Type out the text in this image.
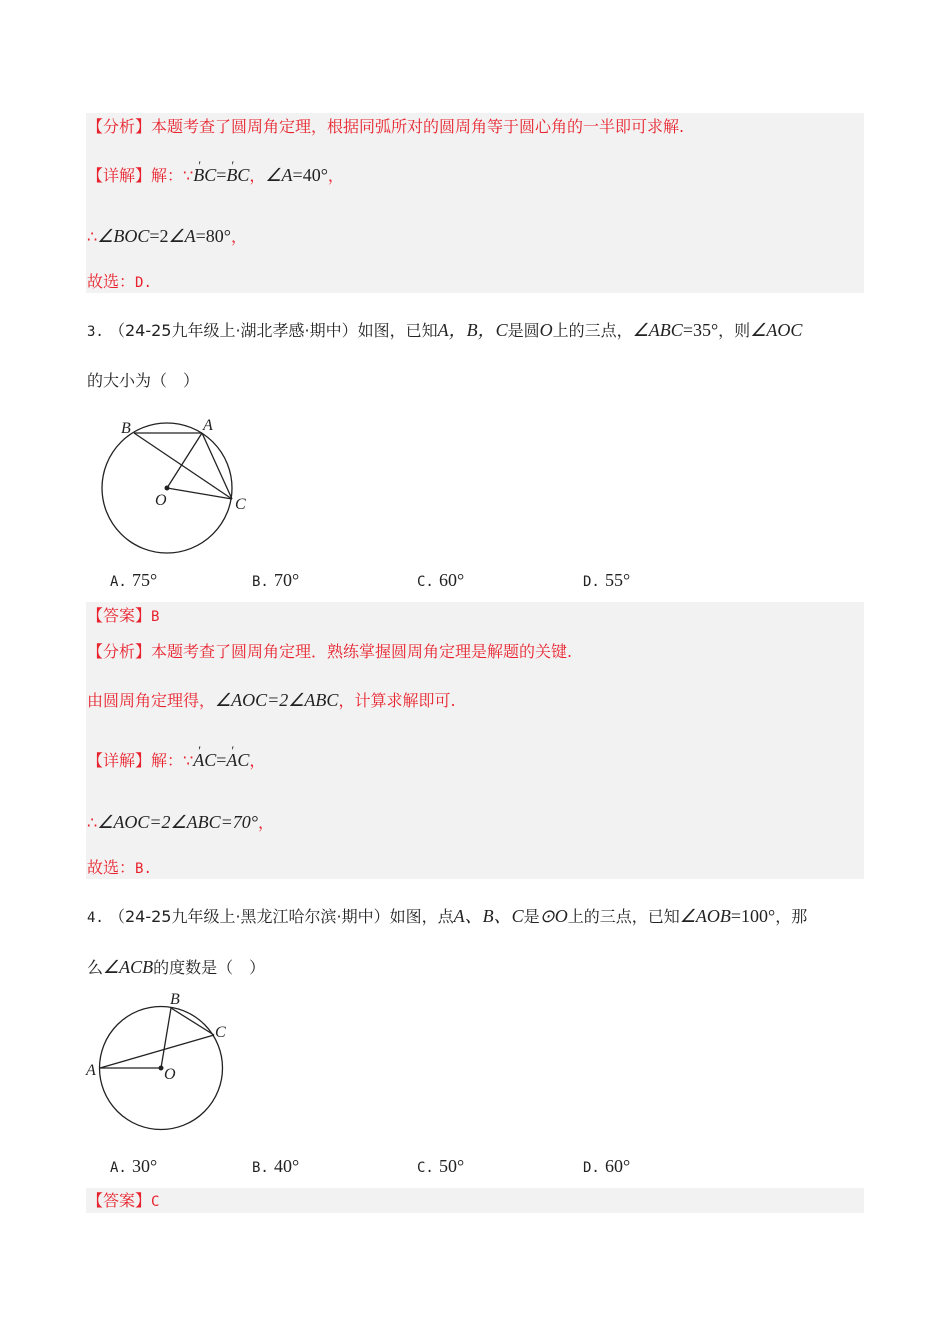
【分析】本题考查了圆周角定理，根据同弧所对的圆周角等于圆心角的一半即可求解.
【详解】解：∵′ BC=′ BC，∠A=40°，
∴∠BOC=2∠A=80°，
故选：D.
3. （24-25九年级上·湖北孝感·期中）如图，已知A，B，C是圆O上的三点，∠ABC=35°，则∠AOC
的大小为（　）
B	A
O	C
B
C
A	O
A. 75°	B. 70°	C. 60°	D. 55°
【答案】B
【分析】本题考查了圆周角定理．熟练掌握圆周角定理是解题的关键.
由圆周角定理得，∠AOC=2∠ABC，计算求解即可.
【详解】解：∵′ AC=′ AC，
∴∠AOC=2∠ABC=70°，
故选：B.
4. （24-25九年级上·黑龙江哈尔滨·期中）如图，点A、B、C是⊙O上的三点，已知∠AOB=100°，那
么∠ACB的度数是（　）
A. 30°	B. 40°	C. 50°	D. 60°
【答案】C
